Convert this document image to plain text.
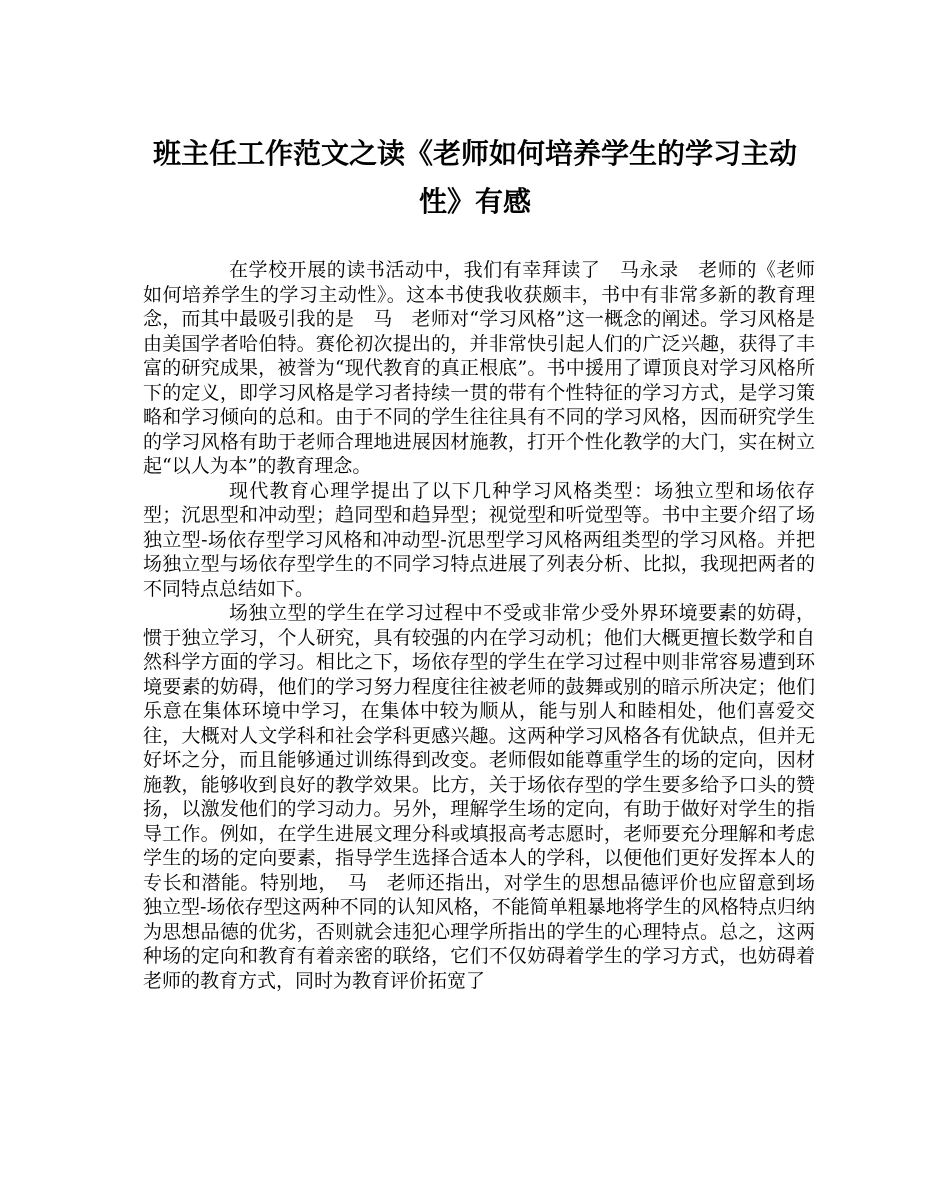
班主任工作范文之读《老师如何培养学生的学习主动性》有感

在学校开展的读书活动中，我们有幸拜读了　马永录　老师的《老师如何培养学生的学习主动性》。这本书使我收获颇丰，书中有非常多新的教育理念，而其中最吸引我的是　马　老师对“学习风格”这一概念的阐述。学习风格是由美国学者哈伯特。赛伦初次提出的，并非常快引起人们的广泛兴趣，获得了丰富的研究成果，被誉为“现代教育的真正根底”。书中援用了谭顶良对学习风格所下的定义，即学习风格是学习者持续一贯的带有个性特征的学习方式，是学习策略和学习倾向的总和。由于不同的学生往往具有不同的学习风格，因而研究学生的学习风格有助于老师合理地进展因材施教，打开个性化教学的大门，实在树立起“以人为本”的教育理念。

现代教育心理学提出了以下几种学习风格类型：场独立型和场依存型；沉思型和冲动型；趋同型和趋异型；视觉型和听觉型等。书中主要介绍了场独立型-场依存型学习风格和冲动型-沉思型学习风格两组类型的学习风格。并把场独立型与场依存型学生的不同学习特点进展了列表分析、比拟，我现把两者的不同特点总结如下。

场独立型的学生在学习过程中不受或非常少受外界环境要素的妨碍，惯于独立学习，个人研究，具有较强的内在学习动机；他们大概更擅长数学和自然科学方面的学习。相比之下，场依存型的学生在学习过程中则非常容易遭到环境要素的妨碍，他们的学习努力程度往往被老师的鼓舞或别的暗示所决定；他们乐意在集体环境中学习，在集体中较为顺从，能与别人和睦相处，他们喜爱交往，大概对人文学科和社会学科更感兴趣。这两种学习风格各有优缺点，但并无好坏之分，而且能够通过训练得到改变。老师假如能尊重学生的场的定向，因材施教，能够收到良好的教学效果。比方，关于场依存型的学生要多给予口头的赞扬，以激发他们的学习动力。另外，理解学生场的定向，有助于做好对学生的指导工作。例如，在学生进展文理分科或填报高考志愿时，老师要充分理解和考虑学生的场的定向要素，指导学生选择合适本人的学科，以便他们更好发挥本人的专长和潜能。特别地，　马　老师还指出，对学生的思想品德评价也应留意到场独立型-场依存型这两种不同的认知风格，不能简单粗暴地将学生的风格特点归纳为思想品德的优劣，否则就会违犯心理学所指出的学生的心理特点。总之，这两种场的定向和教育有着亲密的联络，它们不仅妨碍着学生的学习方式，也妨碍着老师的教育方式，同时为教育评价拓宽了
